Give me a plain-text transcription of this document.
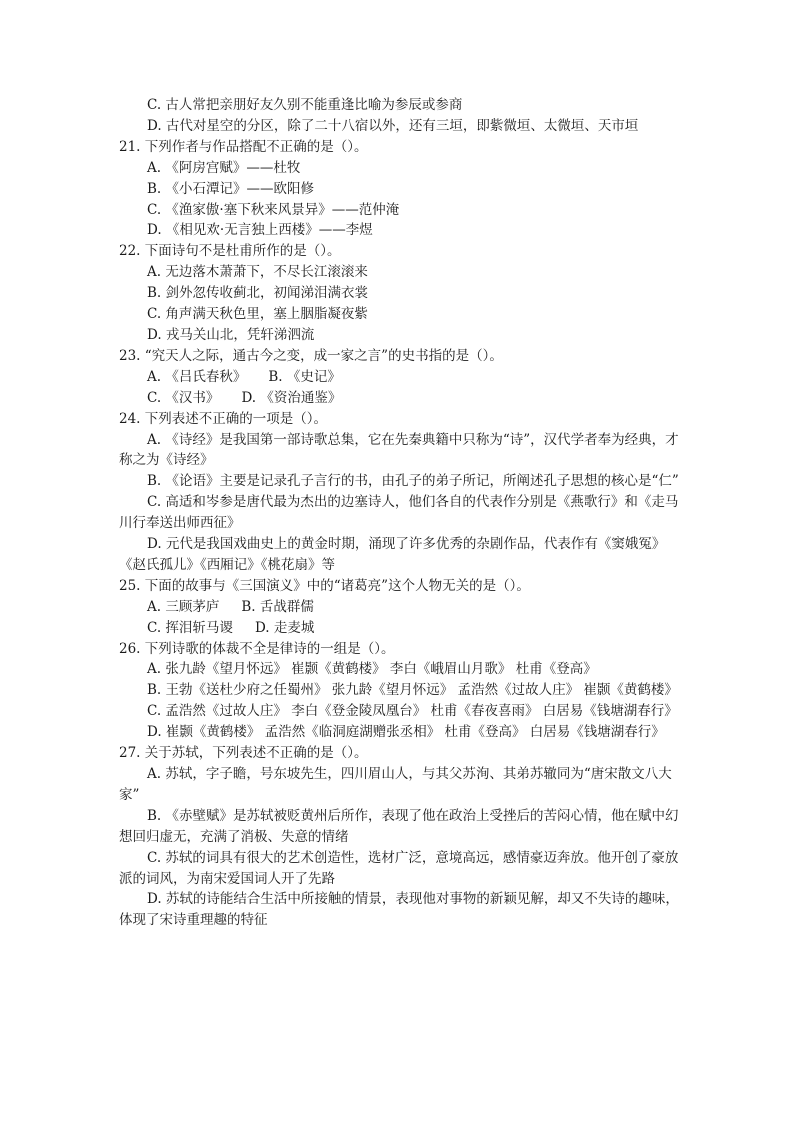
C. 古人常把亲朋好友久别不能重逢比喻为参辰或参商
D. 古代对星空的分区，除了二十八宿以外，还有三垣，即紫微垣、太微垣、天市垣
21. 下列作者与作品搭配不正确的是（）。
A. 《阿房宫赋》——杜牧
B. 《小石潭记》——欧阳修
C. 《渔家傲·塞下秋来风景异》——范仲淹
D. 《相见欢·无言独上西楼》——李煜
22. 下面诗句不是杜甫所作的是（）。
A. 无边落木萧萧下，不尽长江滚滚来
B. 剑外忽传收蓟北，初闻涕泪满衣裳
C. 角声满天秋色里，塞上胭脂凝夜紫
D. 戎马关山北，凭轩涕泗流
23. “究天人之际，通古今之变，成一家之言”的史书指的是（）。
A. 《吕氏春秋》 B. 《史记》
C. 《汉书》 D. 《资治通鉴》
24. 下列表述不正确的一项是（）。
A. 《诗经》是我国第一部诗歌总集，它在先秦典籍中只称为“诗”，汉代学者奉为经典，才称之为《诗经》
B. 《论语》主要是记录孔子言行的书，由孔子的弟子所记，所阐述孔子思想的核心是“仁”
C. 高适和岑参是唐代最为杰出的边塞诗人，他们各自的代表作分别是《燕歌行》和《走马川行奉送出师西征》
D. 元代是我国戏曲史上的黄金时期，涌现了许多优秀的杂剧作品，代表作有《窦娥冤》《赵氏孤儿》《西厢记》《桃花扇》等
25. 下面的故事与《三国演义》中的“诸葛亮”这个人物无关的是（）。
A. 三顾茅庐 B. 舌战群儒
C. 挥泪斩马谡 D. 走麦城
26. 下列诗歌的体裁不全是律诗的一组是（）。
A. 张九龄《望月怀远》 崔颢《黄鹤楼》 李白《峨眉山月歌》 杜甫《登高》
B. 王勃《送杜少府之任蜀州》 张九龄《望月怀远》 孟浩然《过故人庄》 崔颢《黄鹤楼》
C. 孟浩然《过故人庄》 李白《登金陵凤凰台》 杜甫《春夜喜雨》 白居易《钱塘湖春行》
D. 崔颢《黄鹤楼》 孟浩然《临洞庭湖赠张丞相》 杜甫《登高》 白居易《钱塘湖春行》
27. 关于苏轼，下列表述不正确的是（）。
A. 苏轼，字子瞻，号东坡先生，四川眉山人，与其父苏洵、其弟苏辙同为“唐宋散文八大家”
B. 《赤壁赋》是苏轼被贬黄州后所作，表现了他在政治上受挫后的苦闷心情，他在赋中幻想回归虚无，充满了消极、失意的情绪
C. 苏轼的词具有很大的艺术创造性，选材广泛，意境高远，感情豪迈奔放。他开创了豪放派的词风，为南宋爱国词人开了先路
D. 苏轼的诗能结合生活中所接触的情景，表现他对事物的新颖见解，却又不失诗的趣味，体现了宋诗重理趣的特征
